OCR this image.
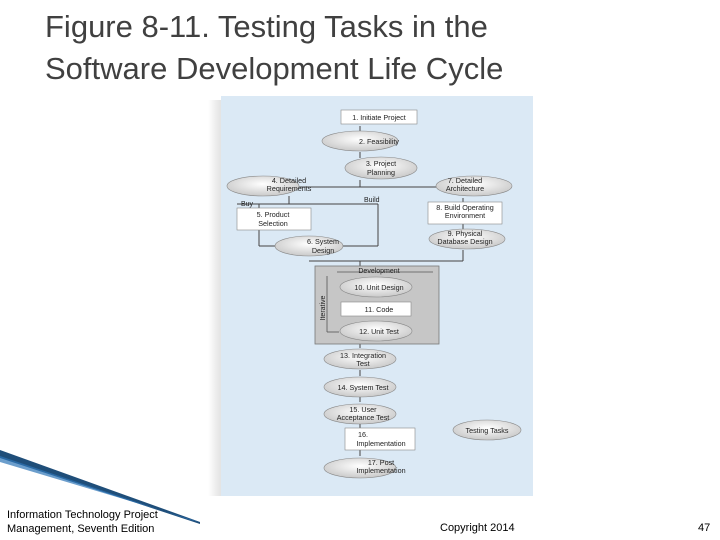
Figure 8-11. Testing Tasks in the
Software Development Life Cycle
Development
Iterative
1. Initiate Project
2. Feasibility
3. Project
Planning
4. Detailed
Requirements
7. Detailed
Architecture
5. Product
Selection
8. Build Operating
Environment
6. System
Design
9. Physical
Database Design
10. Unit Design
11. Code
12. Unit Test
13. Integration
Test
14. System Test
15. User
Acceptance Test
16.
Implementation
17. Post
Implementation
Testing Tasks
Buy
Build
Information Technology Project
Management, Seventh Edition	Copyright 2014	47
